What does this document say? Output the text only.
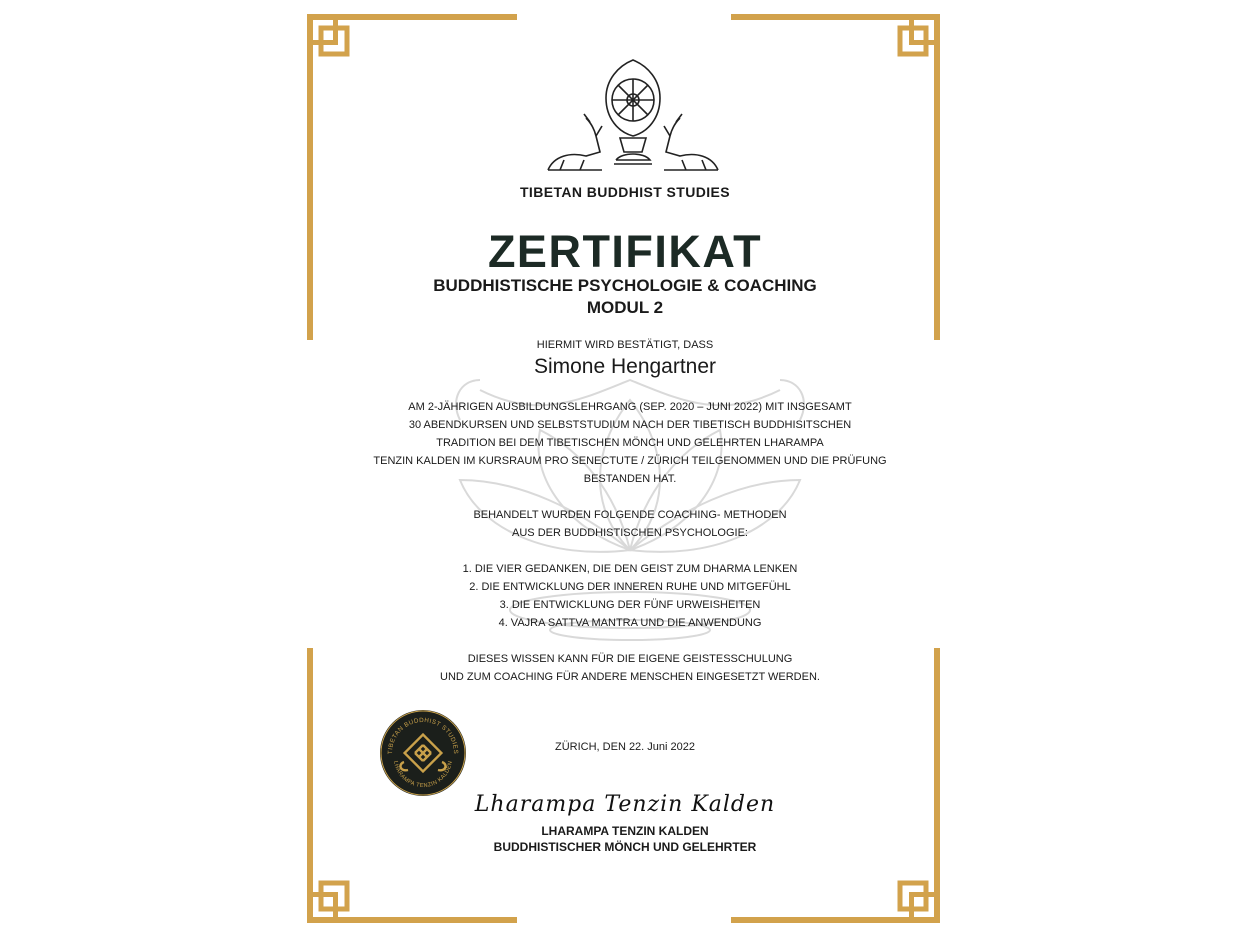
TIBETAN BUDDHIST STUDIES

ZERTIFIKAT

BUDDHISTISCHE PSYCHOLOGIE & COACHING

MODUL 2

HIERMIT WIRD BESTÄTIGT, DASS

Simone Hengartner

AM 2-JÄHRIGEN AUSBILDUNGSLEHRGANG (SEP. 2020 – JUNI 2022) MIT INSGESAMT

30 ABENDKURSEN UND SELBSTSTUDIUM NACH DER TIBETISCH BUDDHISITSCHEN

TRADITION BEI DEM TIBETISCHEN MÖNCH UND GELEHRTEN LHARAMPA

TENZIN KALDEN IM KURSRAUM PRO SENECTUTE / ZÜRICH TEILGENOMMEN UND DIE PRÜFUNG

BESTANDEN HAT.

BEHANDELT WURDEN FOLGENDE COACHING- METHODEN

AUS DER BUDDHISTISCHEN PSYCHOLOGIE:

1. DIE VIER GEDANKEN, DIE DEN GEIST ZUM DHARMA LENKEN

2. DIE ENTWICKLUNG DER INNEREN RUHE UND MITGEFÜHL

3. DIE ENTWICKLUNG DER FÜNF URWEISHEITEN

4. VAJRA SATTVA MANTRA UND DIE ANWENDUNG

DIESES WISSEN KANN FÜR DIE EIGENE GEISTESSCHULUNG

UND ZUM COACHING FÜR ANDERE MENSCHEN EINGESETZT WERDEN.

TIBETAN BUDDHIST STUDIES
LHARAMPA TENZIN KALDEN

ZÜRICH, DEN 22. Juni 2022

Lharampa Tenzin Kalden

LHARAMPA TENZIN KALDEN

BUDDHISTISCHER MÖNCH UND GELEHRTER
